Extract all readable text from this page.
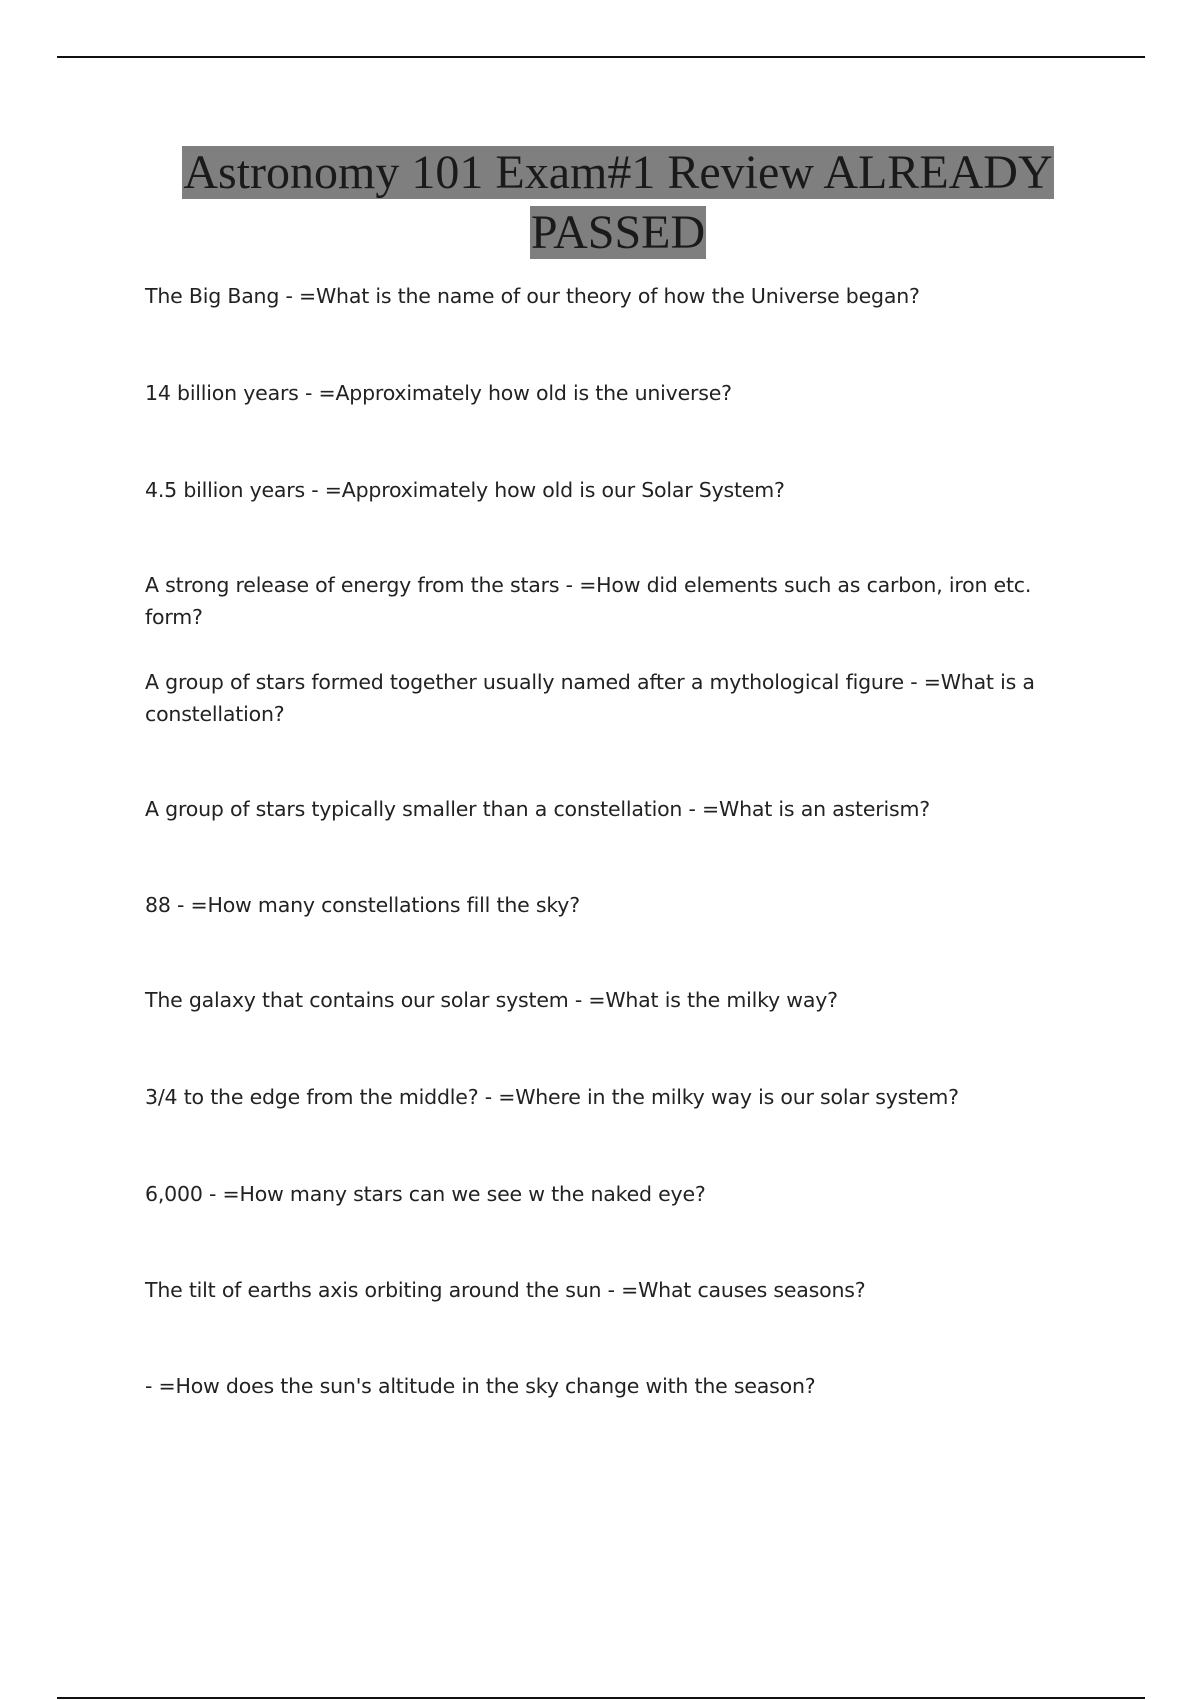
Astronomy 101 Exam#1 Review ALREADY
PASSED
The Big Bang - =What is the name of our theory of how the Universe began?
14 billion years - =Approximately how old is the universe?
4.5 billion years - =Approximately how old is our Solar System?
A strong release of energy from the stars - =How did elements such as carbon, iron etc. form?
A group of stars formed together usually named after a mythological figure - =What is a constellation?
A group of stars typically smaller than a constellation - =What is an asterism?
88 - =How many constellations fill the sky?
The galaxy that contains our solar system - =What is the milky way?
3/4 to the edge from the middle? - =Where in the milky way is our solar system?
6,000 - =How many stars can we see w the naked eye?
The tilt of earths axis orbiting around the sun - =What causes seasons?
- =How does the sun's altitude in the sky change with the season?
